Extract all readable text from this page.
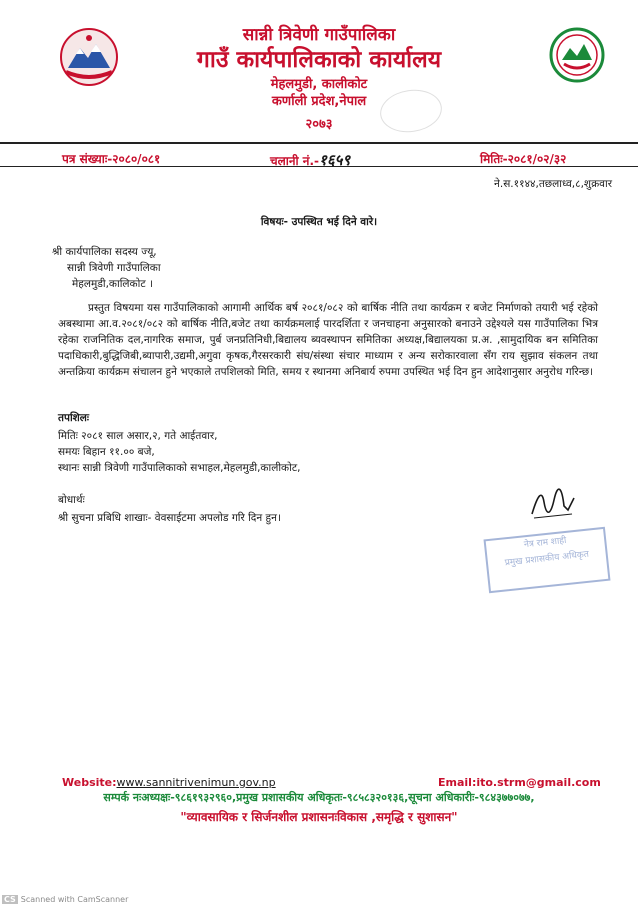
सान्नी त्रिवेणी गाउँपालिका
गाउँ कार्यपालिकाको कार्यालय
मेहलमुडी, कालीकोट
कर्णाली प्रदेश,नेपाल
२०७३
पत्र संख्याः-२०८०/०८१	चलानी नं.-१६५९	मितिः-२०८१/०२/३२
ने.स.११४४,तछलाध्व,८,शुक्रवार
विषयः- उपस्थित भई दिने वारे।
श्री कार्यपालिका सदस्य ज्यू,
सान्नी त्रिवेणी गाउँपालिका
मेहलमुडी,कालिकोट ।
प्रस्तुत विषयमा यस गाउँपालिकाको आगामी आर्थिक बर्ष २०८१/०८२ को बार्षिक नीति तथा कार्यक्रम र बजेट निर्माणको तयारी भई रहेको अबस्थामा आ.व.२०८१/०८२ को बार्षिक नीति,बजेट तथा कार्यक्रमलाई पारदर्शिता र जनचाहना अनुसारको बनाउने उद्देश्यले यस गाउँपालिका भित्र रहेका राजनितिक दल,नागरिक समाज, पुर्ब जनप्रतिनिधी,बिद्यालय ब्यवस्थापन समितिका अध्यक्ष,बिद्यालयका प्र.अ. ,सामुदायिक बन समितिका पदाधिकारी,बुद्धिजिबी,ब्यापारी,उद्यमी,अगुवा कृषक,गैरसरकारी संघ/संस्था संचार माध्याम र अन्य सरोकारवाला सँग राय सुझाव संकलन तथा अन्तक्रिया कार्यक्रम संचालन हुने भएकाले तपशिलको मिति, समय र स्थानमा अनिबार्य रुपमा उपस्थित भई दिन हुन आदेशानुसार अनुरोध गरिन्छ।
तपशिलः
मितिः २०८१ साल असार,२, गते आईतवार,
समयः बिहान ११.०० बजे,
स्थानः सान्नी त्रिवेणी गाउँपालिकाको सभाहल,मेहलमुडी,कालीकोट,
बोधार्थः
श्री सुचना प्रबिधि शाखाः- वेवसाईटमा अपलोड गरि दिन हुन।
नेत्र राम शाही
प्रमुख प्रशासकीय अधिकृत
Website:www.sannitrivenimun.gov.np	Email:ito.strm@gmail.com
सम्पर्क नःअध्यक्षः-९८६१९३२९६०,प्रमुख प्रशासकीय अधिकृतः-९८५८३२०१३६,सूचना अधिकारीः-९८४३७७०७७,
"व्यावसायिक र सिर्जनशील प्रशासनःविकास ,समृद्धि र सुशासन"
CS Scanned with CamScanner
